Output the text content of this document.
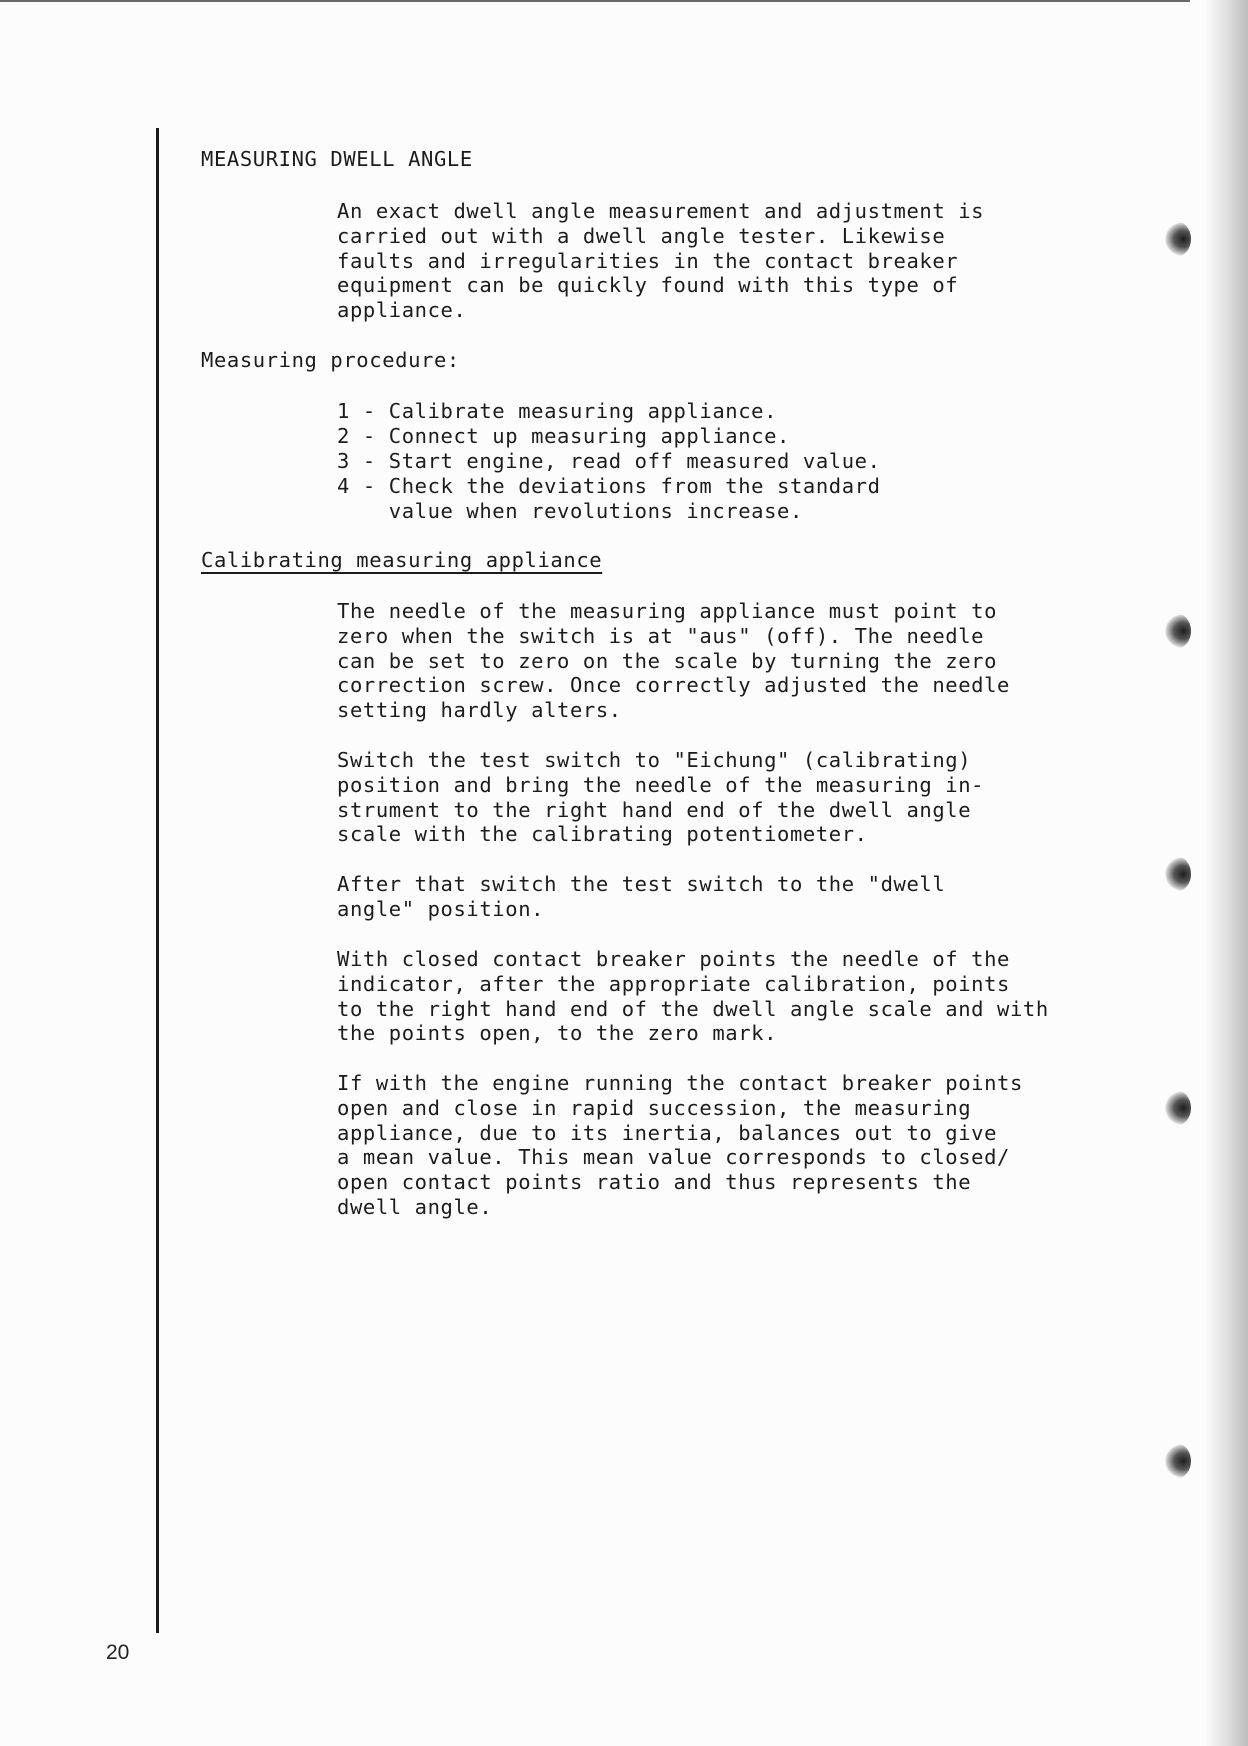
MEASURING DWELL ANGLE
An exact dwell angle measurement and adjustment is
carried out with a dwell angle tester. Likewise
faults and irregularities in the contact breaker
equipment can be quickly found with this type of
appliance.
Measuring procedure:
1 - Calibrate measuring appliance.
2 - Connect up measuring appliance.
3 - Start engine, read off measured value.
4 - Check the deviations from the standard
value when revolutions increase.
Calibrating measuring appliance
The needle of the measuring appliance must point to
zero when the switch is at "aus" (off). The needle
can be set to zero on the scale by turning the zero
correction screw. Once correctly adjusted the needle
setting hardly alters.
Switch the test switch to "Eichung" (calibrating)
position and bring the needle of the measuring in-
strument to the right hand end of the dwell angle
scale with the calibrating potentiometer.
After that switch the test switch to the "dwell
angle" position.
With closed contact breaker points the needle of the
indicator, after the appropriate calibration, points
to the right hand end of the dwell angle scale and with
the points open, to the zero mark.
If with the engine running the contact breaker points
open and close in rapid succession, the measuring
appliance, due to its inertia, balances out to give
a mean value. This mean value corresponds to closed/
open contact points ratio and thus represents the
dwell angle.
20
